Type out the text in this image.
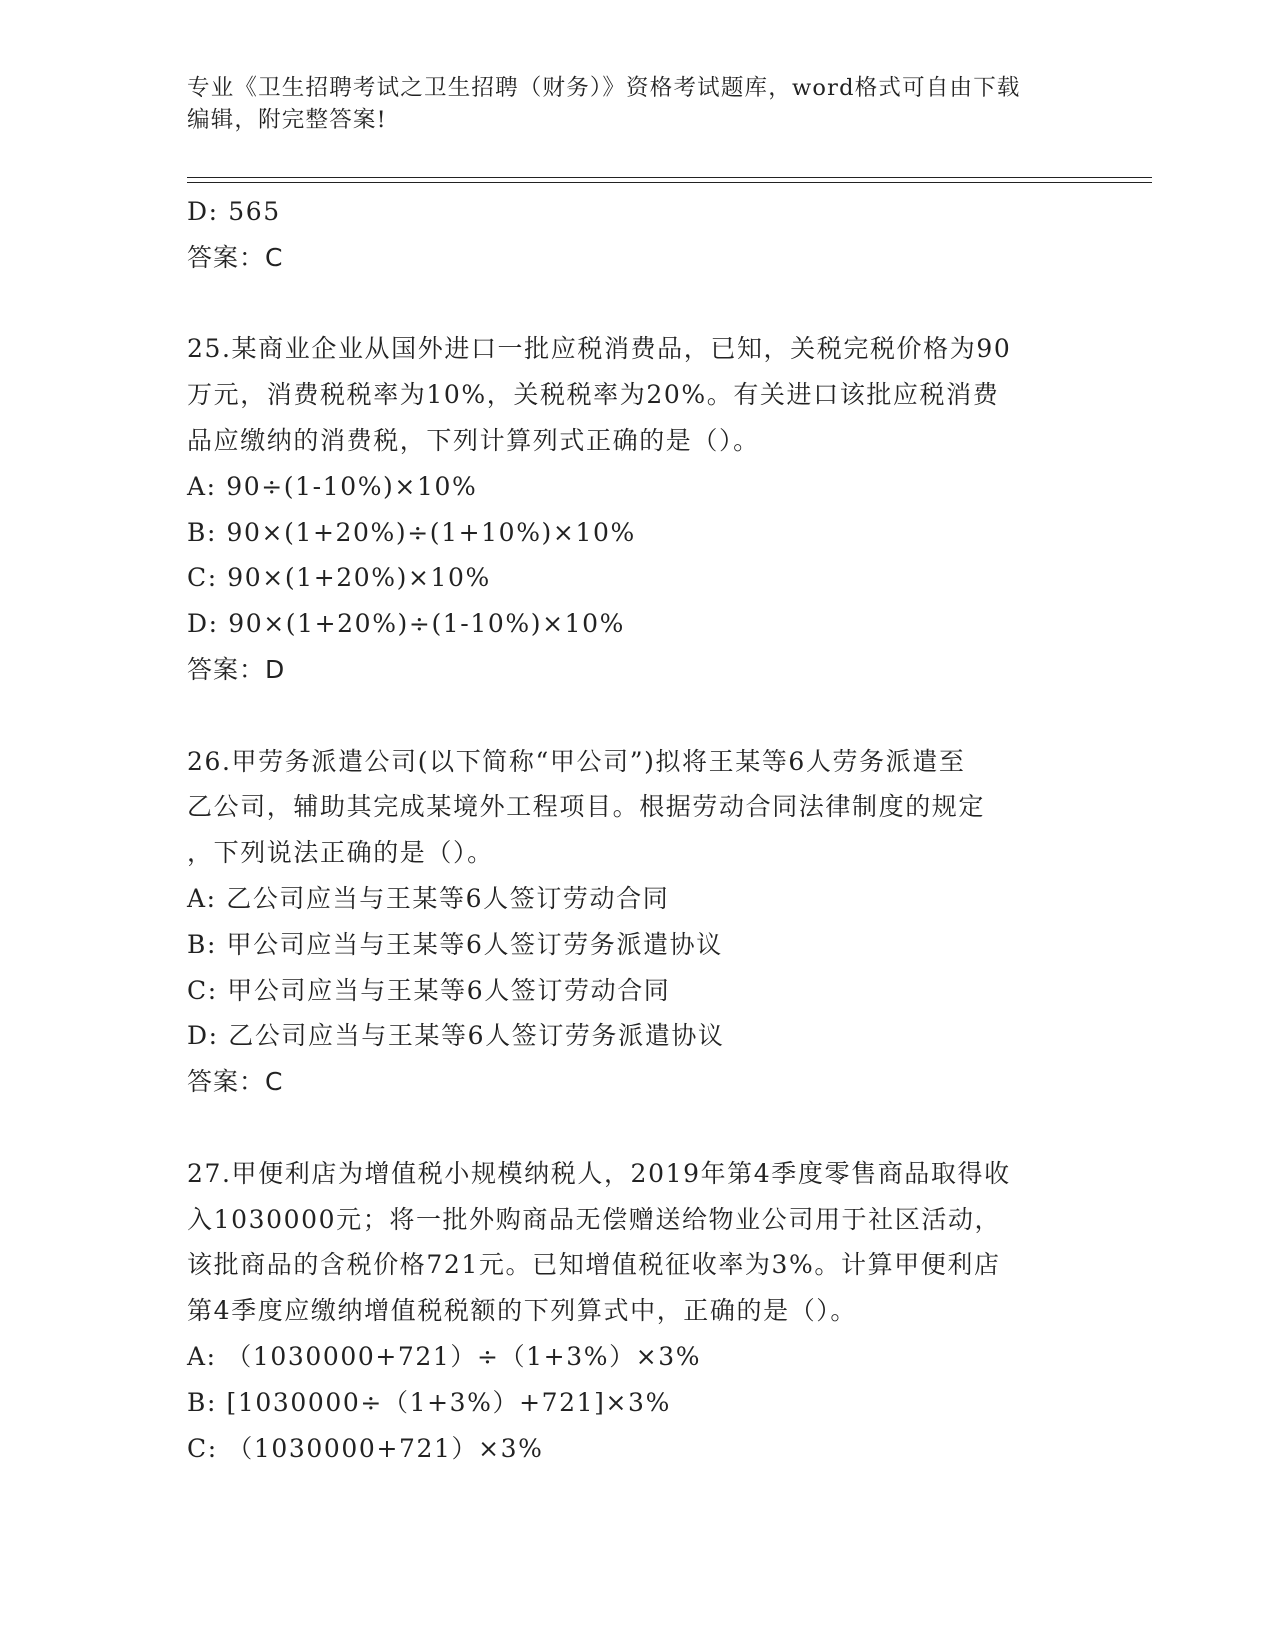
专业《卫生招聘考试之卫生招聘（财务）》资格考试题库，word格式可自由下载
编辑，附完整答案!
D: 565
答案：C
25.某商业企业从国外进口一批应税消费品，已知，关税完税价格为90
万元，消费税税率为10%，关税税率为20%。有关进口该批应税消费
品应缴纳的消费税，下列计算列式正确的是（）。
A: 90÷(1-10%)×10%
B: 90×(1+20%)÷(1+10%)×10%
C: 90×(1+20%)×10%
D: 90×(1+20%)÷(1-10%)×10%
答案：D
26.甲劳务派遣公司(以下简称“甲公司”)拟将王某等6人劳务派遣至
乙公司，辅助其完成某境外工程项目。根据劳动合同法律制度的规定
，下列说法正确的是（）。
A: 乙公司应当与王某等6人签订劳动合同
B: 甲公司应当与王某等6人签订劳务派遣协议
C: 甲公司应当与王某等6人签订劳动合同
D: 乙公司应当与王某等6人签订劳务派遣协议
答案：C
27.甲便利店为增值税小规模纳税人，2019年第4季度零售商品取得收
入1030000元；将一批外购商品无偿赠送给物业公司用于社区活动，
该批商品的含税价格721元。已知增值税征收率为3%。计算甲便利店
第4季度应缴纳增值税税额的下列算式中，正确的是（）。
A: （1030000+721）÷（1+3%）×3%
B: [1030000÷（1+3%）+721]×3%
C: （1030000+721）×3%
